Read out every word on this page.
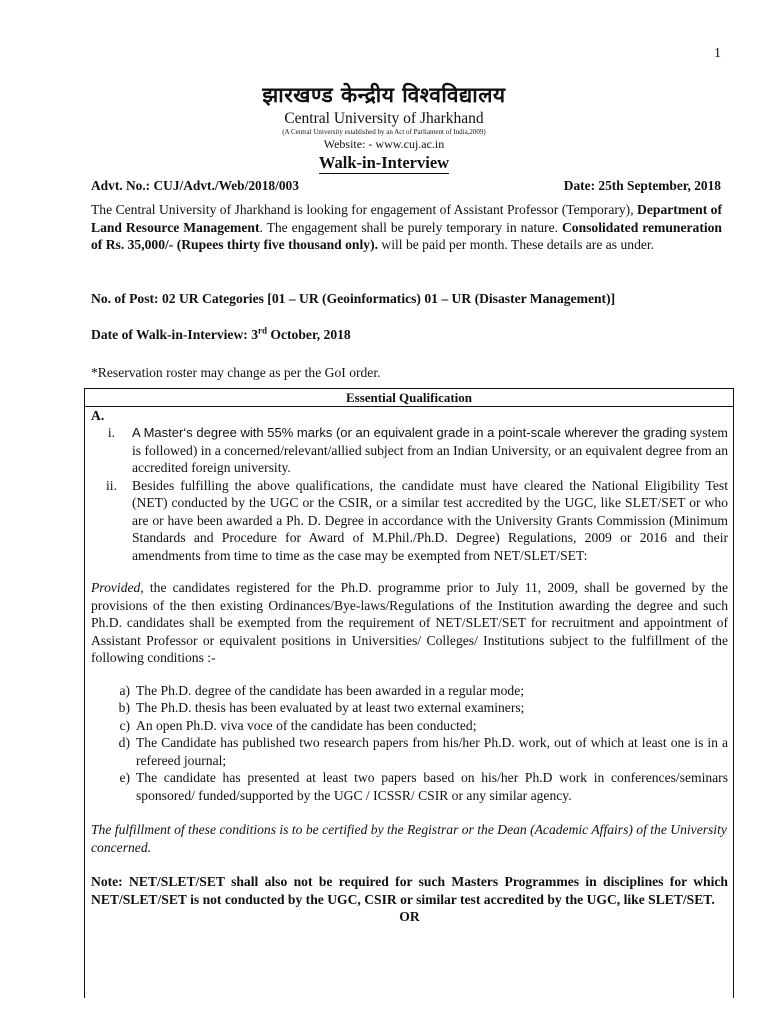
1
झारखण्ड केन्द्रीय विश्वविद्यालय
Central University of Jharkhand
(A Central University established by an Act of Parliament of India,2009)
Website: - www.cuj.ac.in
Walk-in-Interview
Advt. No.: CUJ/Advt./Web/2018/003	Date: 25th September, 2018
The Central University of Jharkhand is looking for engagement of Assistant Professor (Temporary), Department of Land Resource Management. The engagement shall be purely temporary in nature. Consolidated remuneration of Rs. 35,000/- (Rupees thirty five thousand only). will be paid per month. These details are as under.
No. of Post: 02 UR Categories [01 – UR (Geoinformatics) 01 – UR (Disaster Management)]
Date of Walk-in-Interview: 3rd October, 2018
*Reservation roster may change as per the GoI order.
Essential Qualification
A.
i.	A Master‘s degree with 55% marks (or an equivalent grade in a point-scale wherever the grading system is followed) in a concerned/relevant/allied subject from an Indian University, or an equivalent degree from an accredited foreign university.
ii.	Besides fulfilling the above qualifications, the candidate must have cleared the National Eligibility Test (NET) conducted by the UGC or the CSIR, or a similar test accredited by the UGC, like SLET/SET or who are or have been awarded a Ph. D. Degree in accordance with the University Grants Commission (Minimum Standards and Procedure for Award of M.Phil./Ph.D. Degree) Regulations, 2009 or 2016 and their amendments from time to time as the case may be exempted from NET/SLET/SET:
Provided, the candidates registered for the Ph.D. programme prior to July 11, 2009, shall be governed by the provisions of the then existing Ordinances/Bye-laws/Regulations of the Institution awarding the degree and such Ph.D. candidates shall be exempted from the requirement of NET/SLET/SET for recruitment and appointment of Assistant Professor or equivalent positions in Universities/ Colleges/ Institutions subject to the fulfillment of the following conditions :-
a) The Ph.D. degree of the candidate has been awarded in a regular mode;
b) The Ph.D. thesis has been evaluated by at least two external examiners;
c) An open Ph.D. viva voce of the candidate has been conducted;
d) The Candidate has published two research papers from his/her Ph.D. work, out of which at least one is in a refereed journal;
e) The candidate has presented at least two papers based on his/her Ph.D work in conferences/seminars sponsored/ funded/supported by the UGC / ICSSR/ CSIR or any similar agency.
The fulfillment of these conditions is to be certified by the Registrar or the Dean (Academic Affairs) of the University concerned.
Note: NET/SLET/SET shall also not be required for such Masters Programmes in disciplines for which NET/SLET/SET is not conducted by the UGC, CSIR or similar test accredited by the UGC, like SLET/SET.
OR
